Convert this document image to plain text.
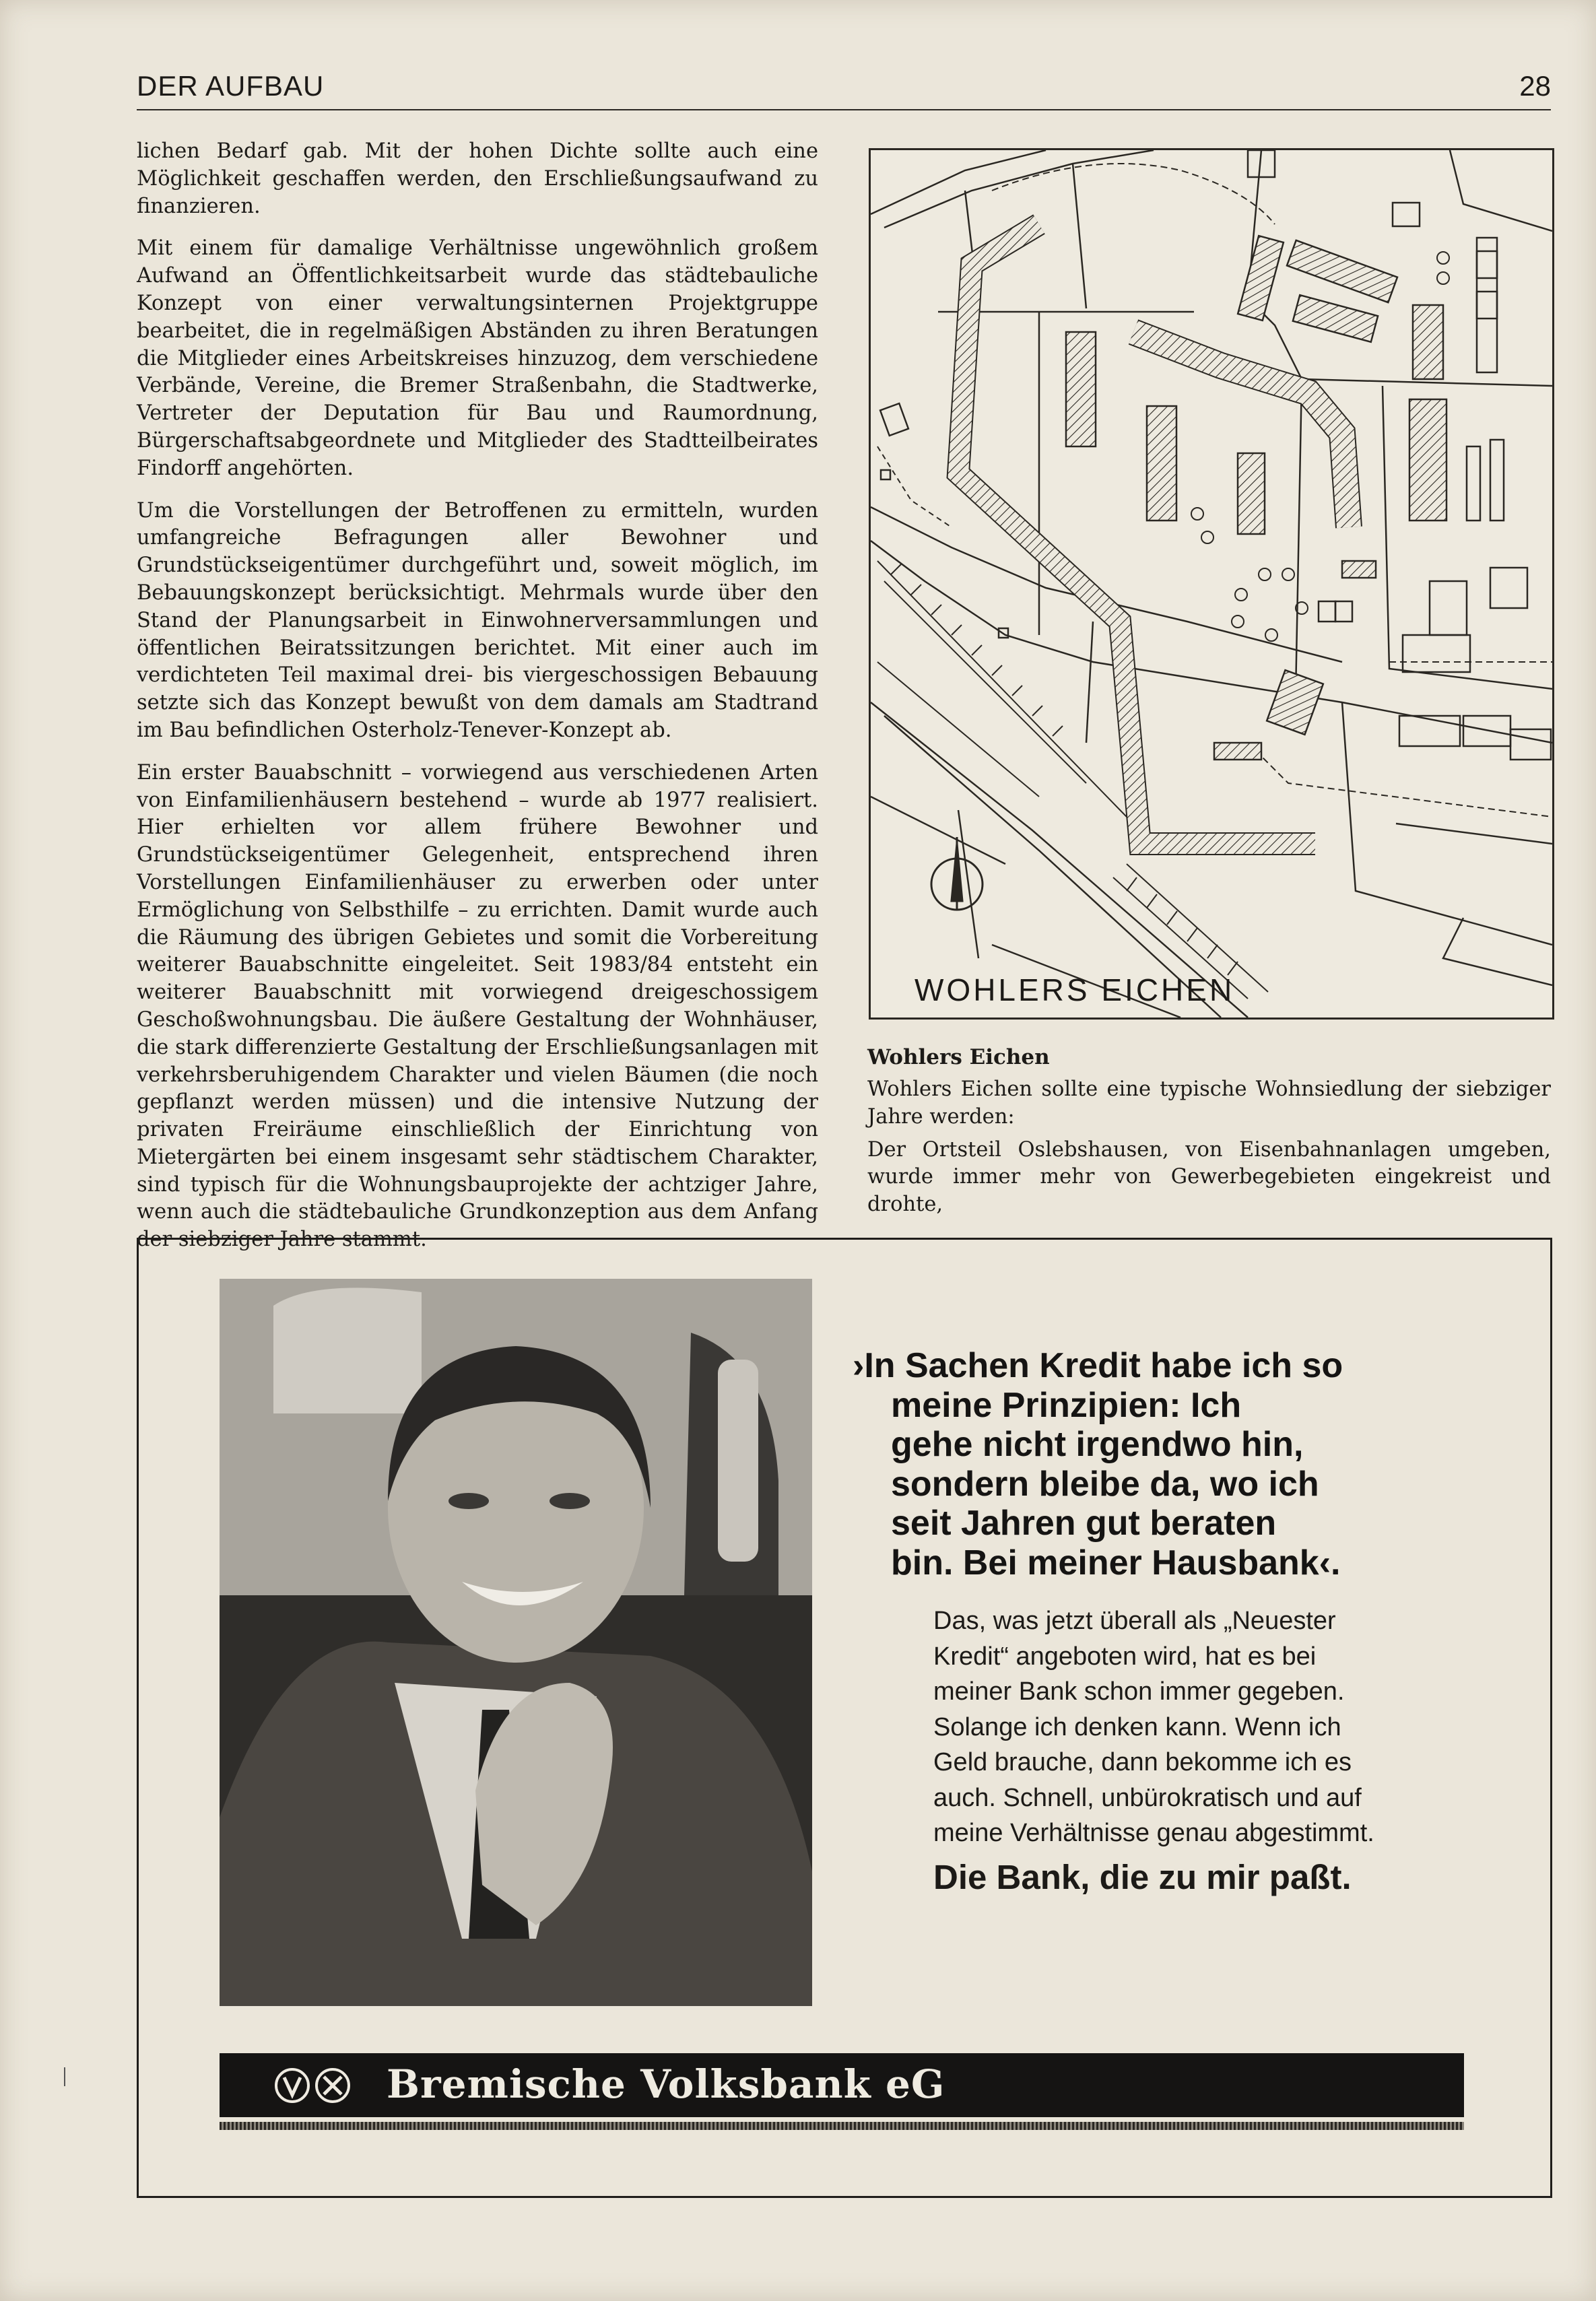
DER AUFBAU	28

lichen Bedarf gab. Mit der hohen Dichte sollte auch eine Möglichkeit geschaffen werden, den Erschließungsaufwand zu finanzieren.

Mit einem für damalige Verhältnisse ungewöhnlich großem Aufwand an Öffentlichkeitsarbeit wurde das städtebauliche Konzept von einer verwaltungsinternen Projektgruppe bearbeitet, die in regelmäßigen Abständen zu ihren Beratungen die Mitglieder eines Arbeitskreises hinzuzog, dem verschiedene Verbände, Vereine, die Bremer Straßenbahn, die Stadtwerke, Vertreter der Deputation für Bau und Raumordnung, Bürgerschaftsabgeordnete und Mitglieder des Stadtteilbeirates Findorff angehörten.

Um die Vorstellungen der Betroffenen zu ermitteln, wurden umfangreiche Befragungen aller Bewohner und Grundstückseigentümer durchgeführt und, soweit möglich, im Bebauungskonzept berücksichtigt. Mehrmals wurde über den Stand der Planungsarbeit in Einwohnerversammlungen und öffentlichen Beiratssitzungen berichtet. Mit einer auch im verdichteten Teil maximal drei- bis viergeschossigen Bebauung setzte sich das Konzept bewußt von dem damals am Stadtrand im Bau befindlichen Osterholz-Tenever-Konzept ab.

Ein erster Bauabschnitt – vorwiegend aus verschiedenen Arten von Einfamilienhäusern bestehend – wurde ab 1977 realisiert. Hier erhielten vor allem frühere Bewohner und Grundstückseigentümer Gelegenheit, entsprechend ihren Vorstellungen Einfamilienhäuser zu erwerben oder unter Ermöglichung von Selbsthilfe – zu errichten. Damit wurde auch die Räumung des übrigen Gebietes und somit die Vorbereitung weiterer Bauabschnitte eingeleitet. Seit 1983/84 entsteht ein weiterer Bauabschnitt mit vorwiegend dreigeschossigem Geschoßwohnungsbau. Die äußere Gestaltung der Wohnhäuser, die stark differenzierte Gestaltung der Erschließungsanlagen mit verkehrsberuhigendem Charakter und vielen Bäumen (die noch gepflanzt werden müssen) und die intensive Nutzung der privaten Freiräume einschließlich der Einrichtung von Mietergärten bei einem insgesamt sehr städtischem Charakter, sind typisch für die Wohnungsbauprojekte der achtziger Jahre, wenn auch die städtebauliche Grundkonzeption aus dem Anfang der siebziger Jahre stammt.

WOHLERS EICHEN
Wohlers Eichen

Wohlers Eichen sollte eine typische Wohnsiedlung der siebziger Jahre werden:

Der Ortsteil Oslebshausen, von Eisenbahnanlagen umgeben, wurde immer mehr von Gewerbegebieten eingekreist und drohte,

›In Sachen Kredit habe ich so
meine Prinzipien: Ich
gehe nicht irgendwo hin,
sondern bleibe da, wo ich
seit Jahren gut beraten
bin. Bei meiner Hausbank‹.
Das, was jetzt überall als „Neuester
Kredit“ angeboten wird, hat es bei
meiner Bank schon immer gegeben.
Solange ich denken kann. Wenn ich
Geld brauche, dann bekomme ich es
auch. Schnell, unbürokratisch und auf
meine Verhältnisse genau abgestimmt.
Die Bank, die zu mir paßt.
Bremische Volksbank eG
